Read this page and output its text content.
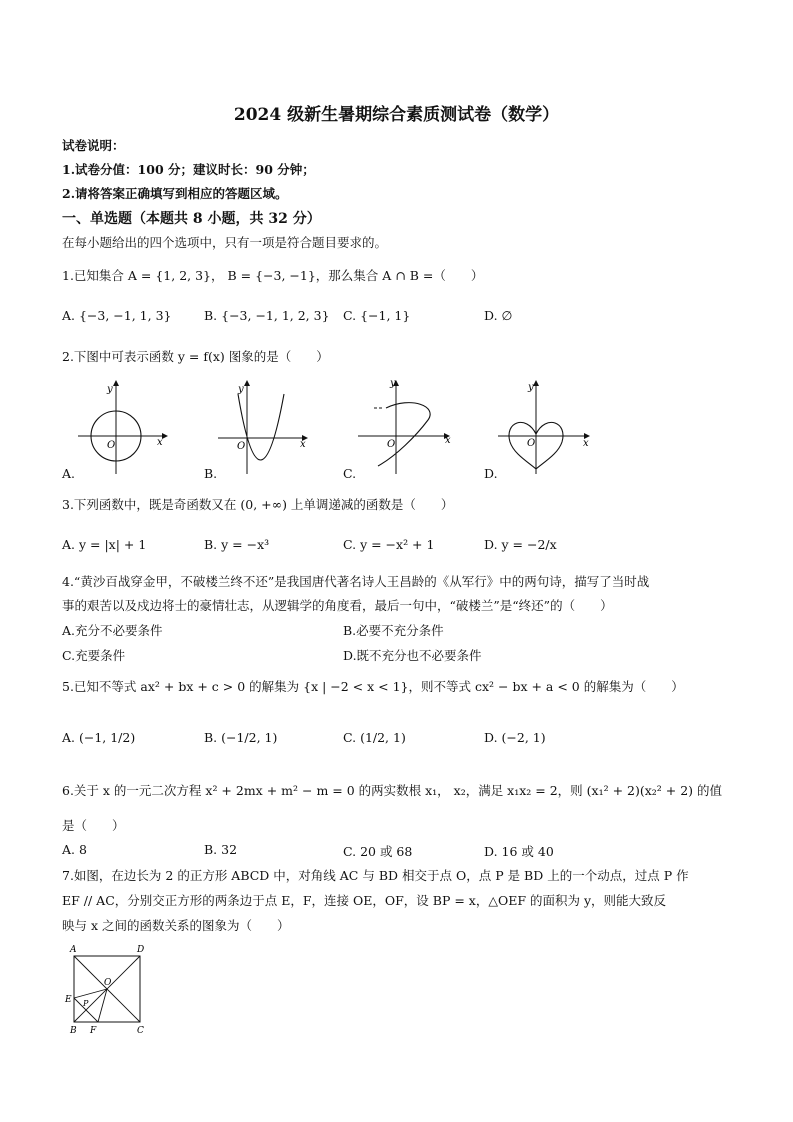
2024 级新生暑期综合素质测试卷（数学）
试卷说明：
1.试卷分值：100 分；建议时长：90 分钟；
2.请将答案正确填写到相应的答题区域。
一、单选题（本题共 8 小题，共 32 分）
在每小题给出的四个选项中，只有一项是符合题目要求的。
1.已知集合 A = {1, 2, 3}， B = {−3, −1}，那么集合 A ∩ B =（　　）
A. {−3, −1, 1, 3}	B. {−3, −1, 1, 2, 3} C. {−1, 1}	D. ∅
2.下图中可表示函数 y = f(x) 图象的是（　　）
O	x
y
O	x
y
O	x
y
O	x
y
A.	B.	C.	D.
3.下列函数中，既是奇函数又在 (0, +∞) 上单调递减的函数是（　　）
A. y = |x| + 1	B. y = −x³	C. y = −x² + 1	D. y = −2/x
4.“黄沙百战穿金甲，不破楼兰终不还”是我国唐代著名诗人王昌龄的《从军行》中的两句诗，描写了当时战
事的艰苦以及戍边将士的豪情壮志，从逻辑学的角度看，最后一句中，“破楼兰”是“终还”的（　　）
A.充分不必要条件	B.必要不充分条件
C.充要条件	D.既不充分也不必要条件
5.已知不等式 ax² + bx + c > 0 的解集为 {x | −2 < x < 1}，则不等式 cx² − bx + a < 0 的解集为（　　）
A. (−1, 1/2)	B. (−1/2, 1)	C. (1/2, 1)	D. (−2, 1)
6.关于 x 的一元二次方程 x² + 2mx + m² − m = 0 的两实数根 x₁， x₂，满足 x₁x₂ = 2，则 (x₁² + 2)(x₂² + 2) 的值
是（　　）
A. 8	B. 32	C. 20 或 68	D. 16 或 40
7.如图，在边长为 2 的正方形 ABCD 中，对角线 AC 与 BD 相交于点 O，点 P 是 BD 上的一个动点，过点 P 作
EF // AC，分别交正方形的两条边于点 E，F，连接 OE，OF，设 BP = x，△OEF 的面积为 y，则能大致反
映与 x 之间的函数关系的图象为（　　）
A	D
B	C
E
F
O
P
